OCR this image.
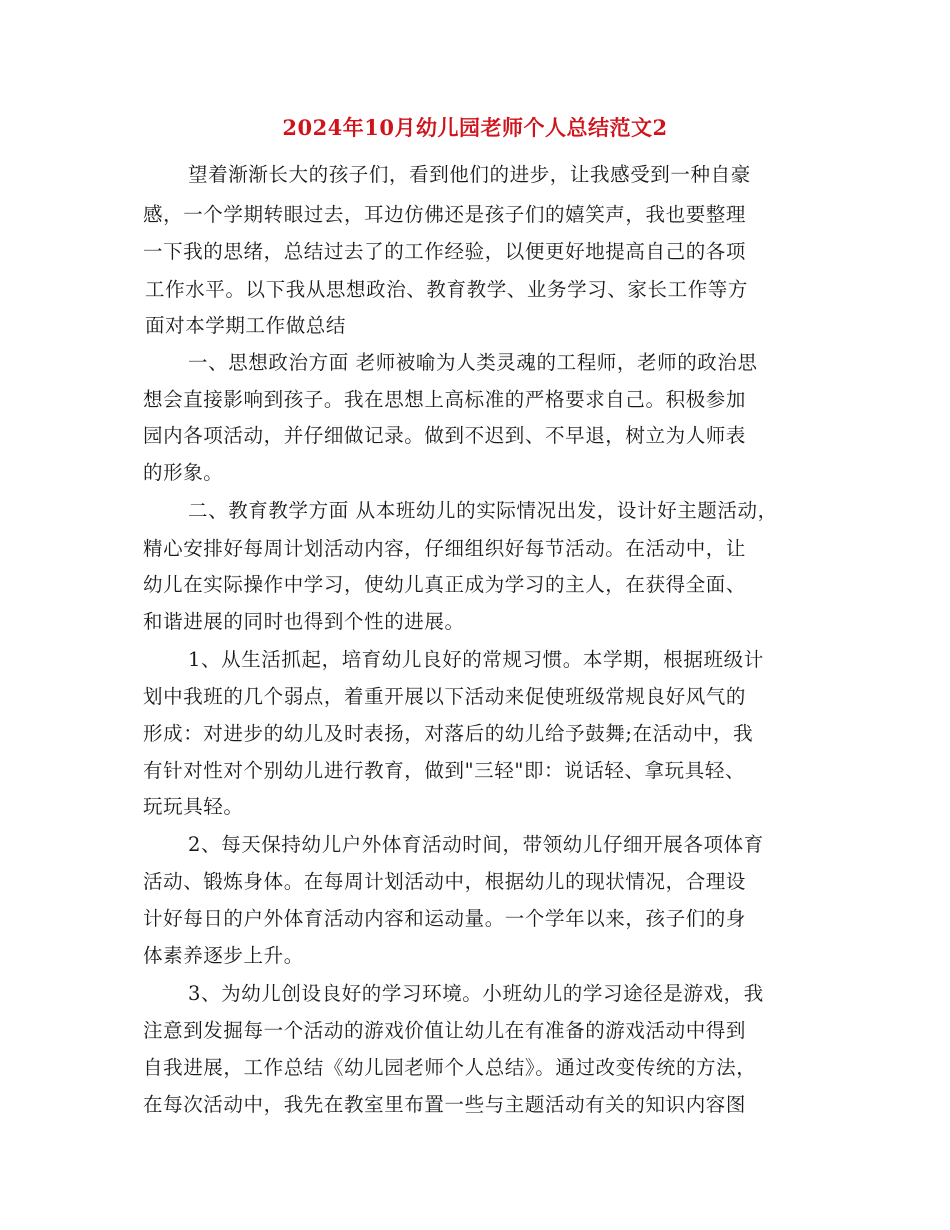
2024年10月幼儿园老师个人总结范文2
望着渐渐长大的孩子们，看到他们的进步，让我感受到一种自豪
感，一个学期转眼过去，耳边仿佛还是孩子们的嬉笑声，我也要整理
一下我的思绪，总结过去了的工作经验，以便更好地提高自己的各项
工作水平。以下我从思想政治、教育教学、业务学习、家长工作等方
面对本学期工作做总结
一、思想政治方面 老师被喻为人类灵魂的工程师，老师的政治思
想会直接影响到孩子。我在思想上高标准的严格要求自己。积极参加
园内各项活动，并仔细做记录。做到不迟到、不早退，树立为人师表
的形象。
二、教育教学方面 从本班幼儿的实际情况出发，设计好主题活动，
精心安排好每周计划活动内容，仔细组织好每节活动。在活动中，让
幼儿在实际操作中学习，使幼儿真正成为学习的主人，在获得全面、
和谐进展的同时也得到个性的进展。
1、从生活抓起，培育幼儿良好的常规习惯。本学期，根据班级计
划中我班的几个弱点，着重开展以下活动来促使班级常规良好风气的
形成：对进步的幼儿及时表扬，对落后的幼儿给予鼓舞;在活动中，我
有针对性对个别幼儿进行教育，做到"三轻"即：说话轻、拿玩具轻、
玩玩具轻。
2、每天保持幼儿户外体育活动时间，带领幼儿仔细开展各项体育
活动、锻炼身体。在每周计划活动中，根据幼儿的现状情况，合理设
计好每日的户外体育活动内容和运动量。一个学年以来，孩子们的身
体素养逐步上升。
3、为幼儿创设良好的学习环境。小班幼儿的学习途径是游戏，我
注意到发掘每一个活动的游戏价值让幼儿在有准备的游戏活动中得到
自我进展，工作总结《幼儿园老师个人总结》。通过改变传统的方法，
在每次活动中，我先在教室里布置一些与主题活动有关的知识内容图
